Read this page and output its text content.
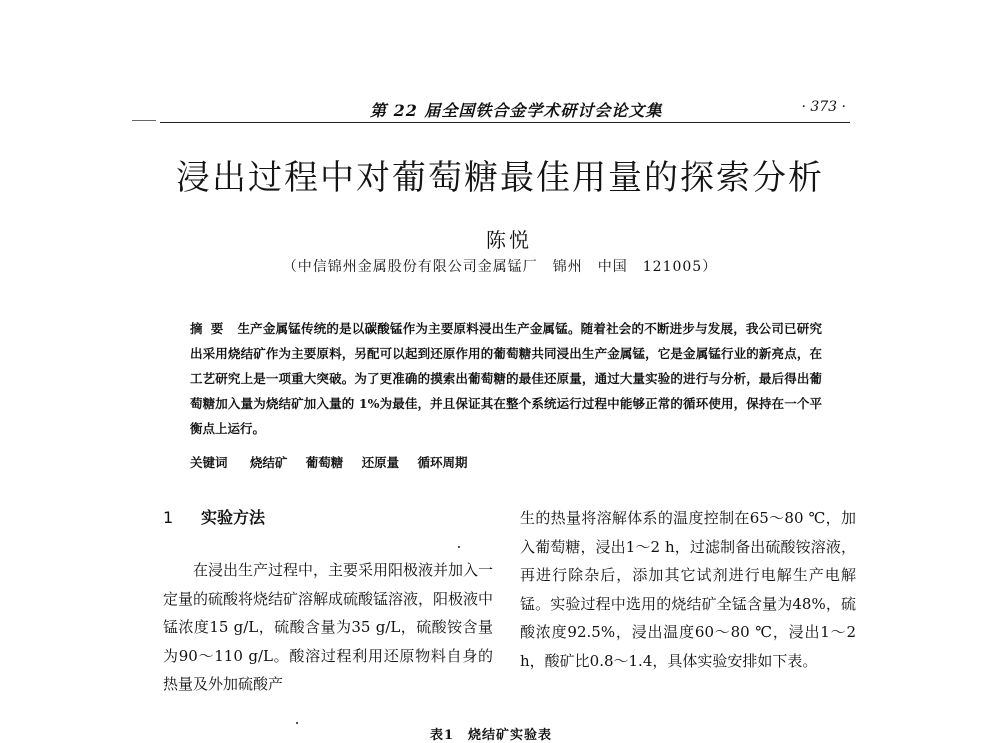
第 22 届全国铁合金学术研讨会论文集	· 373 ·
浸出过程中对葡萄糖最佳用量的探索分析
陈悦
（中信锦州金属股份有限公司金属锰厂　锦州　中国　121005）
摘要 生产金属锰传统的是以碳酸锰作为主要原料浸出生产金属锰。随着社会的不断进步与发展，我公司已研究出采用烧结矿作为主要原料，另配可以起到还原作用的葡萄糖共同浸出生产金属锰，它是金属锰行业的新亮点，在工艺研究上是一项重大突破。为了更准确的摸索出葡萄糖的最佳还原量，通过大量实验的进行与分析，最后得出葡萄糖加入量为烧结矿加入量的 1%为最佳，并且保证其在整个系统运行过程中能够正常的循环使用，保持在一个平衡点上运行。
关键词 烧结矿 葡萄糖 还原量 循环周期
1 实验方法

在浸出生产过程中，主要采用阳极液并加入一定量的硫酸将烧结矿溶解成硫酸锰溶液，阳极液中锰浓度15 g/L，硫酸含量为35 g/L，硫酸铵含量为90～110 g/L。酸溶过程利用还原物料自身的热量及外加硫酸产

生的热量将溶解体系的温度控制在65～80 ℃，加入葡萄糖，浸出1～2 h，过滤制备出硫酸铵溶液，再进行除杂后，添加其它试剂进行电解生产电解锰。实验过程中选用的烧结矿全锰含量为48%，硫酸浓度92.5%，浸出温度60～80 ℃，浸出1～2 h，酸矿比0.8～1.4，具体实验安排如下表。

表1　烧结矿实验表
